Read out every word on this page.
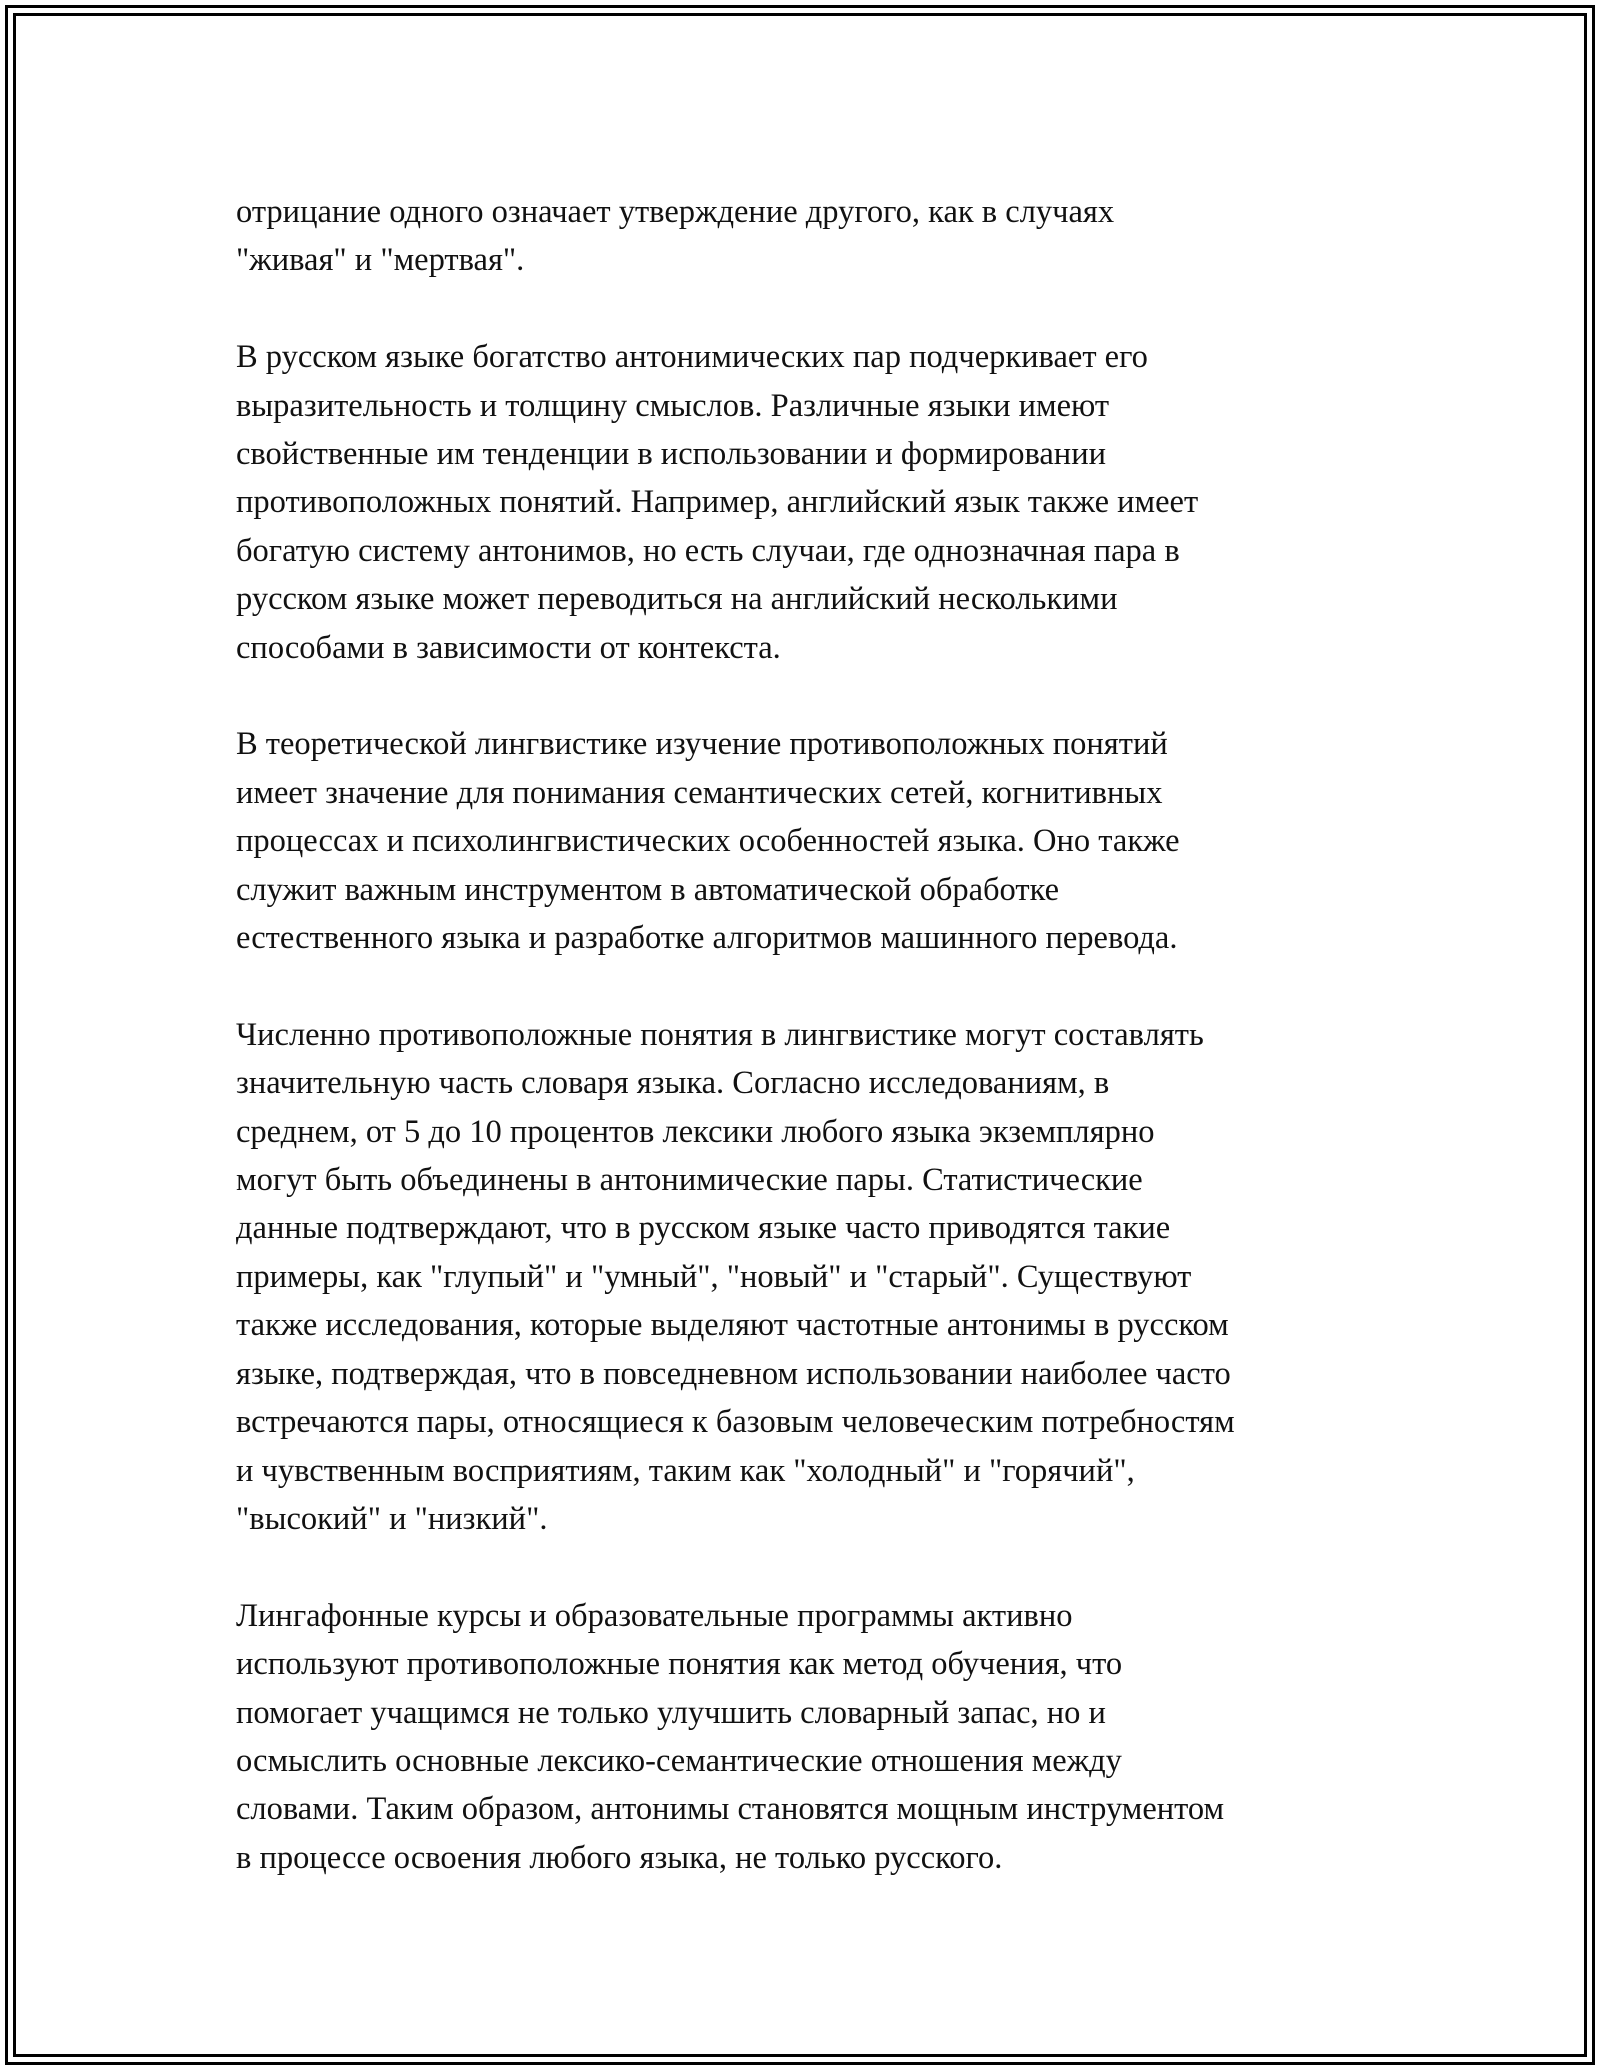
отрицание одного означает утверждение другого, как в случаях
"живая" и "мертвая".

В русском языке богатство антонимических пар подчеркивает его
выразительность и толщину смыслов. Различные языки имеют
свойственные им тенденции в использовании и формировании
противоположных понятий. Например, английский язык также имеет
богатую систему антонимов, но есть случаи, где однозначная пара в
русском языке может переводиться на английский несколькими
способами в зависимости от контекста.

В теоретической лингвистике изучение противоположных понятий
имеет значение для понимания семантических сетей, когнитивных
процессах и психолингвистических особенностей языка. Оно также
служит важным инструментом в автоматической обработке
естественного языка и разработке алгоритмов машинного перевода.

Численно противоположные понятия в лингвистике могут составлять
значительную часть словаря языка. Согласно исследованиям, в
среднем, от 5 до 10 процентов лексики любого языка экземплярно
могут быть объединены в антонимические пары. Статистические
данные подтверждают, что в русском языке часто приводятся такие
примеры, как "глупый" и "умный", "новый" и "старый". Существуют
также исследования, которые выделяют частотные антонимы в русском
языке, подтверждая, что в повседневном использовании наиболее часто
встречаются пары, относящиеся к базовым человеческим потребностям
и чувственным восприятиям, таким как "холодный" и "горячий",
"высокий" и "низкий".

Лингафонные курсы и образовательные программы активно
используют противоположные понятия как метод обучения, что
помогает учащимся не только улучшить словарный запас, но и
осмыслить основные лексико-семантические отношения между
словами. Таким образом, антонимы становятся мощным инструментом
в процессе освоения любого языка, не только русского.
